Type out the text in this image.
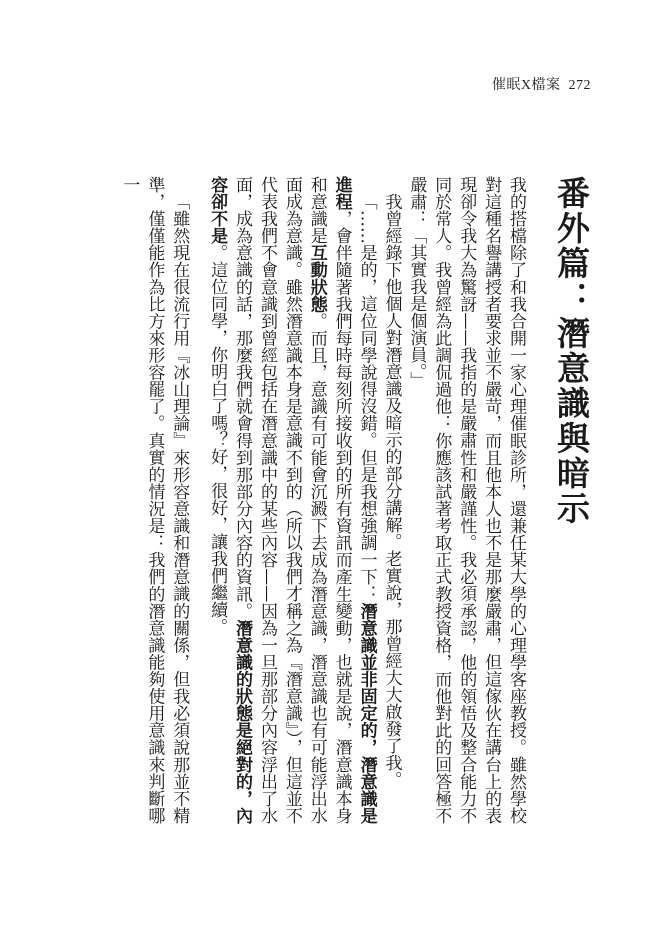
催眠X檔案 272
番外篇：潛意識與暗示

我的搭檔除了和我合開一家心理催眠診所，還兼任某大學的心理學客座教授。雖然學校對這種名譽講授者要求並不嚴苛，而且他本人也不是那麼嚴肅，但這傢伙在講台上的表現卻令我大為驚訝——我指的是嚴肅性和嚴謹性。我必須承認，他的領悟及整合能力不同於常人。我曾經為此調侃過他：你應該試著考取正式教授資格，而他對此的回答極不嚴肅：「其實我是個演員。」

我曾經錄下他個人對潛意識及暗示的部分講解。老實說，那曾經大大啟發了我。

「……是的，這位同學說得沒錯。但是我想強調一下：潛意識並非固定的，潛意識是進程，會伴隨著我們每時每刻所接收到的所有資訊而產生變動，也就是說，潛意識本身和意識是互動狀態。而且，意識有可能會沉澱下去成為潛意識，潛意識也有可能浮出水面成為意識。雖然潛意識本身是意識不到的（所以我們才稱之為『潛意識』），但這並不代表我們不會意識到曾經包括在潛意識中的某些內容——因為一旦那部分內容浮出了水面，成為意識的話，那麼我們就會得到那部分內容的資訊。潛意識的狀態是絕對的，內容卻不是。這位同學，你明白了嗎？好，很好，讓我們繼續。

「雖然現在很流行用『冰山理論』來形容意識和潛意識的關係，但我必須說那並不精準，僅僅能作為比方來形容罷了。真實的情況是：我們的潛意識能夠使用意識來判斷哪一
